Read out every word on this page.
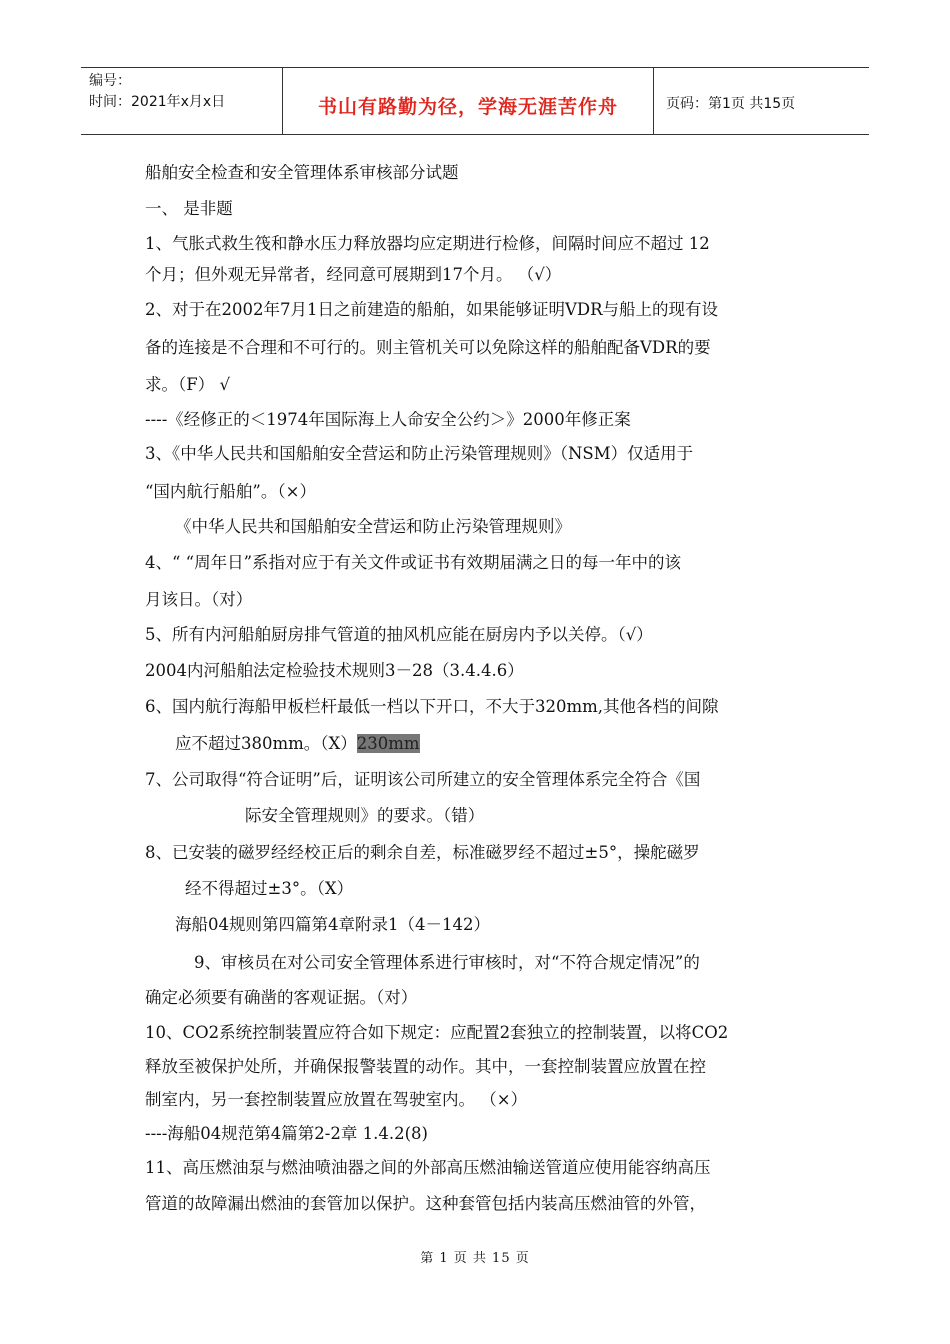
编号：
时间：2021年x月x日	书山有路勤为径，学海无涯苦作舟	页码：第1页 共15页
船舶安全检查和安全管理体系审核部分试题
一、 是非题
1、气胀式救生筏和静水压力释放器均应定期进行检修，间隔时间应不超过 12
个月；但外观无异常者，经同意可展期到17个月。 （√）
2、对于在2002年7月1日之前建造的船舶，如果能够证明VDR与船上的现有设
备的连接是不合理和不可行的。则主管机关可以免除这样的船舶配备VDR的要
求。（F） √
----《经修正的＜1974年国际海上人命安全公约＞》2000年修正案
3、《中华人民共和国船舶安全营运和防止污染管理规则》（NSM）仅适用于
“国内航行船舶”。（×）
《中华人民共和国船舶安全营运和防止污染管理规则》
4、“ “周年日”系指对应于有关文件或证书有效期届满之日的每一年中的该
月该日。（对）
5、所有内河船舶厨房排气管道的抽风机应能在厨房内予以关停。（√）
2004内河船舶法定检验技术规则3－28（3.4.4.6）
6、国内航行海船甲板栏杆最低一档以下开口，不大于320mm,其他各档的间隙
应不超过380mm。（X）230mm
7、公司取得“符合证明”后，证明该公司所建立的安全管理体系完全符合《国
际安全管理规则》的要求。（错）
8、已安装的磁罗经经校正后的剩余自差，标准磁罗经不超过±5°，操舵磁罗
经不得超过±3°。（X）
海船04规则第四篇第4章附录1（4－142）
9、审核员在对公司安全管理体系进行审核时，对“不符合规定情况”的
确定必须要有确凿的客观证据。（对）
10、CO2系统控制装置应符合如下规定：应配置2套独立的控制装置，以将CO2
释放至被保护处所，并确保报警装置的动作。其中，一套控制装置应放置在控
制室内，另一套控制装置应放置在驾驶室内。 （×）
----海船04规范第4篇第2-2章 1.4.2(8)
11、高压燃油泵与燃油喷油器之间的外部高压燃油输送管道应使用能容纳高压
管道的故障漏出燃油的套管加以保护。这种套管包括内装高压燃油管的外管，
第 1 页 共 15 页
